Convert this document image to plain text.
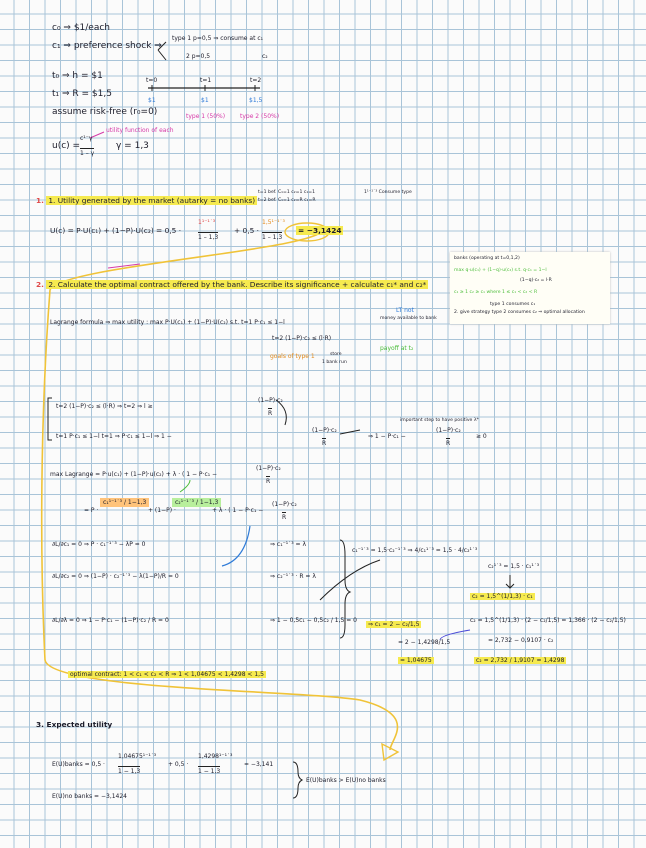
c₀ ⇒ $1/each
c₁ ⇒ preference shock ⇒
type 1 p=0,5 ⇒ consume at c₁
2 p=0,5	c₂
t₀ ⇒ h = $1
t₁ ⇒ R = $1,5
assume risk-free (r₀=0)
t=0	t=1	t=2
$1	$1	$1,5
type 1 (50%) type 2 (50%)
u(c) =
c¹⁻γ
1 – γ
γ = 1,3
utility function of each
1. 1. Utility generated by the market (autarky = no banks)
t=1 bef. C₁=1 c₂=1 c₁=1
t=2 bef. C₁=1 c₂=R c₁=R
1¹⁻¹˙³ Consume type
U(c) = P·U(c₁) + (1−P)·U(c₂) = 0,5 ·
1¹⁻¹˙³
1 – 1,3
+ 0,5 ·
1,5¹⁻¹˙³
1 – 1,3
= −3,1424
banks (operating at t=0,1,2)
max q·u(c₁) + (1−q)·u(c₂) s.t. q·c₁ = 1−l
(1−q)·c₂ = l·R
c₁ ≥ 1 c₂ ≥ c₁ where 1 ≤ c₁ < c₂ < R
type 1 consumes c₁
2. give strategy type 2 consumes c₂ ⇒ optimal allocation
2. 2. Calculate the optimal contract offered by the bank. Describe its significance + calculate c₁* and c₂*
Lagrange formula ⇒ max utility : max P·U(c₁) + (1−P)·U(c₂) s.t. t=1 P·c₁ ≤ 1−l
LT not
money available to bank
t=2 (1−P)·c₂ ≤ (l·R)
payoff at t₂
goals of type 1	store
1 bank run
t=2 (1−P)·c₂ ≤ (l·R) ⇒ t=2 ⇒ l ≥
(1−P)·c₂
R
t=1 P·c₁ ≤ 1−l t=1 ⇒ P·c₁ ≤ 1−l ⇒ 1 −
(1−P)·c₂
R
⇒ 1 − P·c₁ −
(1−P)·c₂
R
≥ 0
important step to have positive λ*
max Lagrange = P·u(c₁) + (1−P)·u(c₂) + λ · ( 1 − P·c₁ −
(1−P)·c₂
R
= P ·
c₁¹⁻¹˙³ / 1−1,3
+ (1−P) ·
c₂¹⁻¹˙³ / 1−1,3
+ λ · ( 1 − P·c₁ −
(1−P)·c₂
R
∂L/∂c₁ = 0 ⇒ P · c₁⁻¹˙³ − λP = 0	⇒ c₁⁻¹˙³ = λ
∂L/∂c₂ = 0 ⇒ (1−P) · c₂⁻¹˙³ − λ(1−P)/R = 0	⇒ c₂⁻¹˙³ · R = λ
c₁⁻¹˙³ = 1,5·c₂⁻¹˙³ ⇒ 4/c₁¹˙³ = 1,5 · 4/c₂¹˙³
c₂¹˙³ = 1,5 · c₁¹˙³
c₂ = 1,5^(1/1,3) · c₁
c₂ = 1,5^(1/1,3) · (2 − c₂/1,5) = 1,366 · (2 − c₂/1,5)
= 2,732 − 0,9107 · c₂
c₂ = 2,732 / 1,9107 = 1,4298
∂L/∂λ = 0 ⇒ 1 − P·c₁ − (1−P)·c₂ / R = 0	⇒ 1 − 0,5c₁ − 0,5c₂ / 1,5 = 0
⇒ c₁ = 2 − c₂/1,5
= 2 − 1,4298/1,5
= 1,04675
optimal contract: 1 < c₁ < c₂ < R ⇒ 1 < 1,04675 < 1,4298 < 1,5
3. Expected utility
E(U)banks = 0,5 ·
1,04675¹⁻¹˙³
1 − 1,3
+ 0,5 ·
1,4298¹⁻¹˙³
1 − 1,3
= −3,141
E(U)no banks = −3,1424
E(U)banks > E(U)no banks
